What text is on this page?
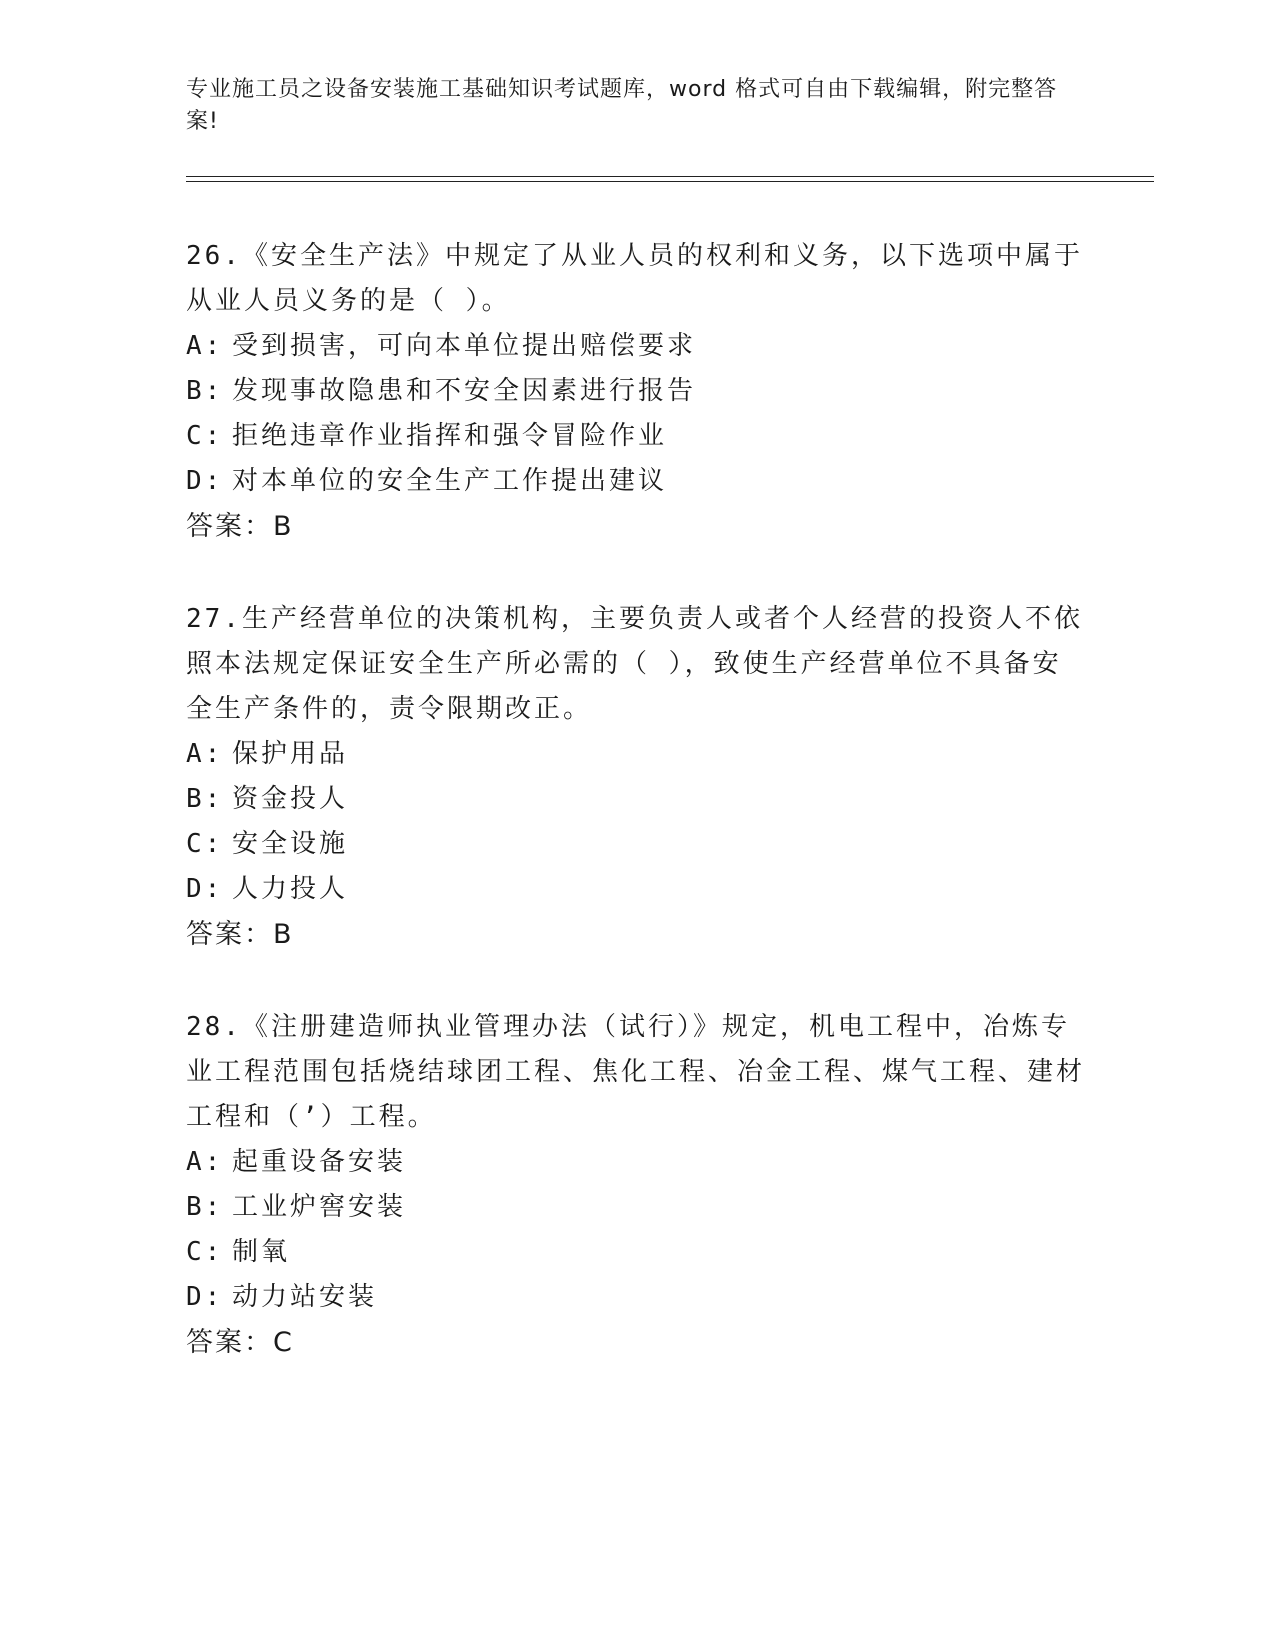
专业施工员之设备安装施工基础知识考试题库，word 格式可自由下载编辑，附完整答案!

26.《安全生产法》中规定了从业人员的权利和义务，以下选项中属于从业人员义务的是（ ）。

A: 受到损害，可向本单位提出赔偿要求

B: 发现事故隐患和不安全因素进行报告

C: 拒绝违章作业指挥和强令冒险作业

D: 对本单位的安全生产工作提出建议

答案：B

27.生产经营单位的决策机构，主要负责人或者个人经营的投资人不依照本法规定保证安全生产所必需的（ ），致使生产经营单位不具备安全生产条件的，责令限期改正。

A: 保护用品

B: 资金投人

C: 安全设施

D: 人力投人

答案：B

28.《注册建造师执业管理办法（试行）》规定，机电工程中，冶炼专业工程范围包括烧结球团工程、焦化工程、冶金工程、煤气工程、建材工程和（’）工程。

A: 起重设备安装

B: 工业炉窖安装

C: 制氧

D: 动力站安装

答案：C
